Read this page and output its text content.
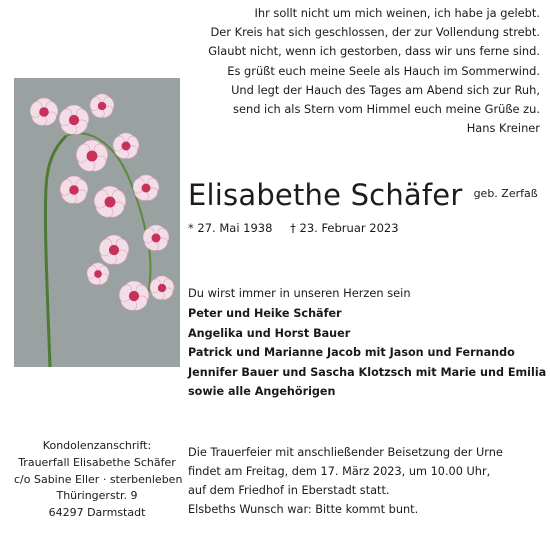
Ihr sollt nicht um mich weinen, ich habe ja gelebt.
Der Kreis hat sich geschlossen, der zur Vollendung strebt.
Glaubt nicht, wenn ich gestorben, dass wir uns ferne sind.
Es grüßt euch meine Seele als Hauch im Sommerwind.
Und legt der Hauch des Tages am Abend sich zur Ruh,
send ich als Stern vom Himmel euch meine Grüße zu.
Hans Kreiner
Elisabethe Schäfer $^{geb. Zerfaß}$
* 27. Mai 1938 † 23. Februar 2023
Du wirst immer in unseren Herzen sein
Peter und Heike Schäfer
Angelika und Horst Bauer
Patrick und Marianne Jacob mit Jason und Fernando
Jennifer Bauer und Sascha Klotzsch mit Marie und Emilia
sowie alle Angehörigen
Kondolenzanschrift:
Trauerfall Elisabethe Schäfer
c/o Sabine Eller · sterbenleben
Thüringerstr. 9
64297 Darmstadt
Die Trauerfeier mit anschließender Beisetzung der Urne
findet am Freitag, dem 17. März 2023, um 10.00 Uhr,
auf dem Friedhof in Eberstadt statt.
Elsbeths Wunsch war: Bitte kommt bunt.
